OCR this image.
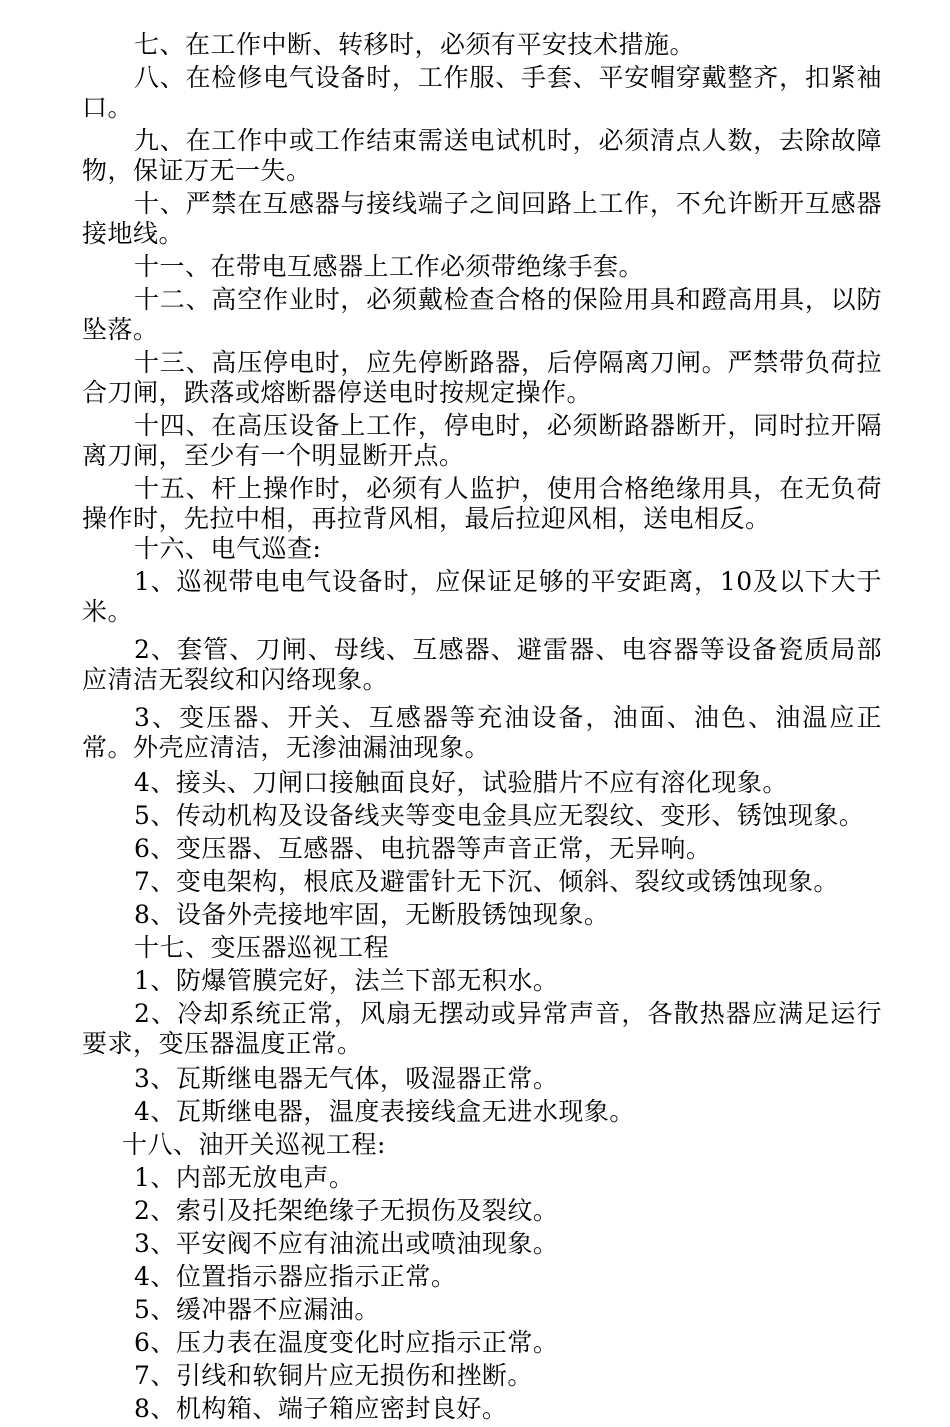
七、在工作中断、转移时，必须有平安技术措施。

八、在检修电气设备时，工作服、手套、平安帽穿戴整齐，扣紧袖口。

九、在工作中或工作结束需送电试机时，必须清点人数，去除故障物，保证万无一失。

十、严禁在互感器与接线端子之间回路上工作，不允许断开互感器接地线。

十一、在带电互感器上工作必须带绝缘手套。

十二、高空作业时，必须戴检查合格的保险用具和蹬高用具，以防坠落。

十三、高压停电时，应先停断路器，后停隔离刀闸。严禁带负荷拉合刀闸，跌落或熔断器停送电时按规定操作。

十四、在高压设备上工作，停电时，必须断路器断开，同时拉开隔离刀闸，至少有一个明显断开点。

十五、杆上操作时，必须有人监护，使用合格绝缘用具，在无负荷操作时，先拉中相，再拉背风相，最后拉迎风相，送电相反。

十六、电气巡查:

1、巡视带电电气设备时，应保证足够的平安距离，10及以下大于米。

2、套管、刀闸、母线、互感器、避雷器、电容器等设备瓷质局部应清洁无裂纹和闪络现象。

3、变压器、开关、互感器等充油设备，油面、油色、油温应正常。外壳应清洁，无渗油漏油现象。

4、接头、刀闸口接触面良好，试验腊片不应有溶化现象。

5、传动机构及设备线夹等变电金具应无裂纹、变形、锈蚀现象。

6、变压器、互感器、电抗器等声音正常，无异响。

7、变电架构，根底及避雷针无下沉、倾斜、裂纹或锈蚀现象。

8、设备外壳接地牢固，无断股锈蚀现象。

十七、变压器巡视工程

1、防爆管膜完好，法兰下部无积水。

2、冷却系统正常，风扇无摆动或异常声音，各散热器应满足运行要求，变压器温度正常。

3、瓦斯继电器无气体，吸湿器正常。

4、瓦斯继电器，温度表接线盒无进水现象。

十八、油开关巡视工程:

1、内部无放电声。

2、索引及托架绝缘子无损伤及裂纹。

3、平安阀不应有油流出或喷油现象。

4、位置指示器应指示正常。

5、缓冲器不应漏油。

6、压力表在温度变化时应指示正常。

7、引线和软铜片应无损伤和挫断。

8、机构箱、端子箱应密封良好。
